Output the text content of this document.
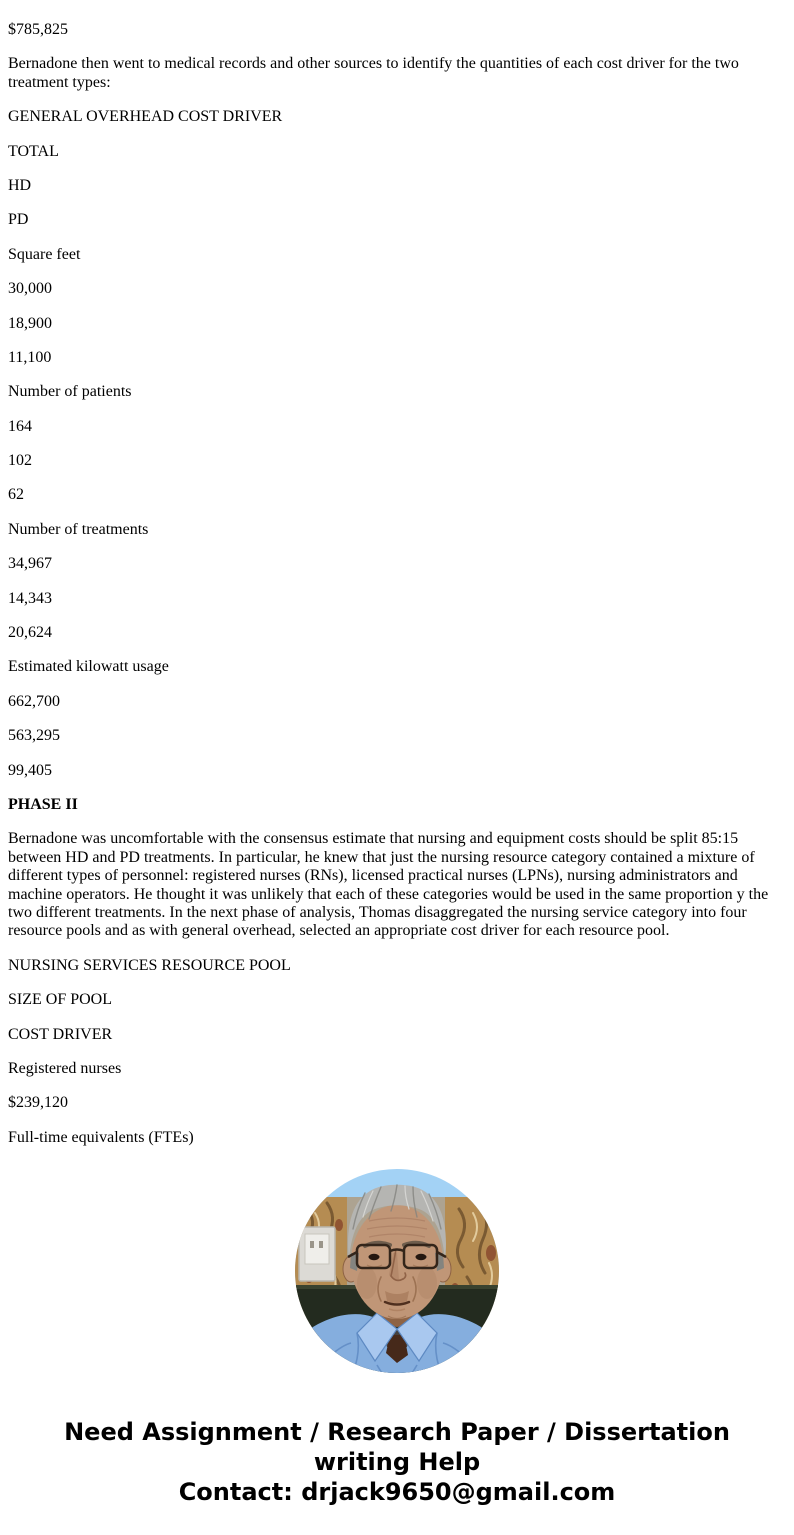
$785,825

Bernadone then went to medical records and other sources to identify the quantities of each cost driver for the two treatment types:

GENERAL OVERHEAD COST DRIVER

TOTAL

HD

PD

Square feet

30,000

18,900

11,100

Number of patients

164

102

62

Number of treatments

34,967

14,343

20,624

Estimated kilowatt usage

662,700

563,295

99,405

PHASE II

Bernadone was uncomfortable with the consensus estimate that nursing and equipment costs should be split 85:15 between HD and PD treatments. In particular, he knew that just the nursing resource category contained a mixture of different types of personnel: registered nurses (RNs), licensed practical nurses (LPNs), nursing administrators and machine operators. He thought it was unlikely that each of these categories would be used in the same proportion y the two different treatments. In the next phase of analysis, Thomas disaggregated the nursing service category into four resource pools and as with general overhead, selected an appropriate cost driver for each resource pool.

NURSING SERVICES RESOURCE POOL

SIZE OF POOL

COST DRIVER

Registered nurses

$239,120

Full-time equivalents (FTEs)

Need Assignment / Research Paper / Dissertation
writing Help
Contact: drjack9650@gmail.com
